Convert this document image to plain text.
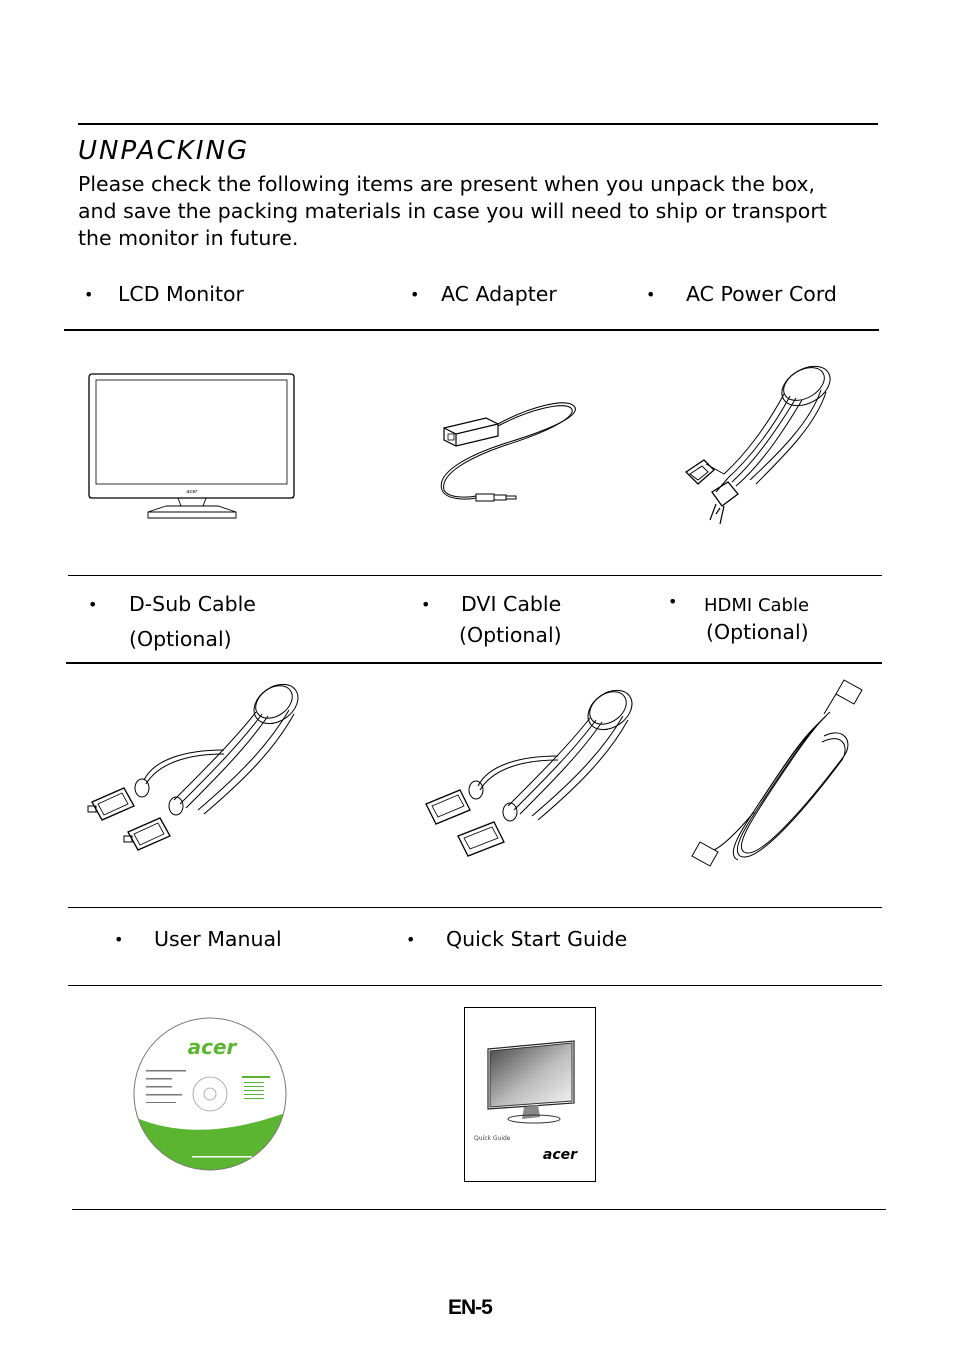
UNPACKING
Please check the following items are present when you unpack the box,
and save the packing materials in case you will need to ship or transport
the monitor in future.
• LCD Monitor	• AC Adapter	• AC Power Cord
acer
• D-Sub Cable
(Optional)
• DVI Cable
(Optional)
• HDMI Cable
(Optional)
• User Manual	• Quick Start Guide
acer
Quick Guide
acer
EN-5
